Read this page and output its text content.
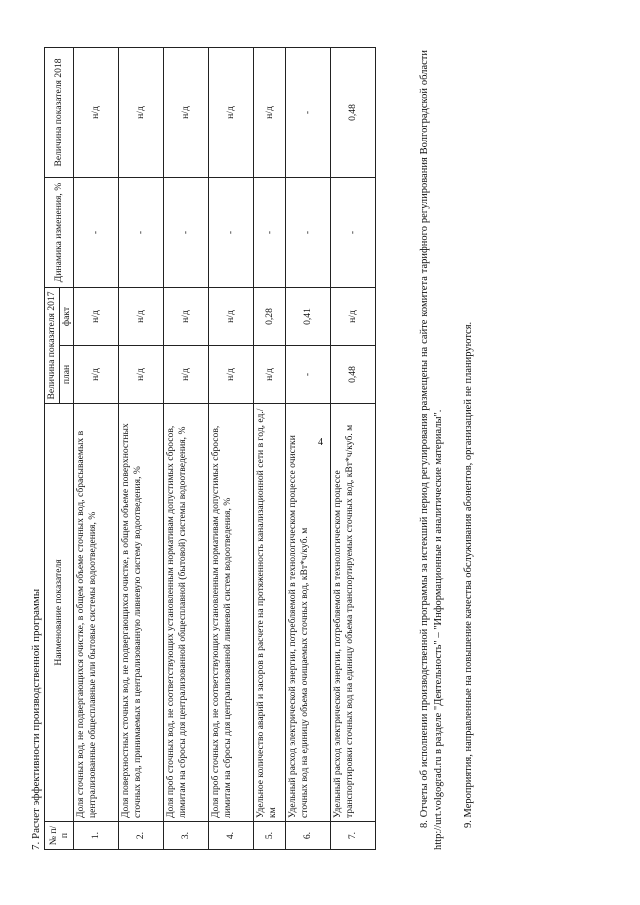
4
7. Расчет эффективности производственной программы № п/п	Наименование показателя	Величина показателя 2017		Динамика изменения, %	Величина показателя 2018
		план	факт		
1.	Доля сточных вод, не подвергающихся очистке, в общем объеме сточных вод, сбрасываемых в централизованные общесплавные или бытовые системы водоотведения, %	н/д	н/д	-	н/д
2.	Доля поверхностных сточных вод, не подвергающихся очистке, в общем объеме поверхностных сточных вод, принимаемых в централизованную ливневую систему водоотведения, %	н/д	н/д	-	н/д
3.	Доля проб сточных вод, не соответствующих установленным нормативам допустимых сбросов, лимитам на сбросы для централизованной общесплавной (бытовой) системы водоотведения, %	н/д	н/д	-	н/д
4.	Доля проб сточных вод, не соответствующих установленным нормативам допустимых сбросов, лимитам на сбросы для централизованной ливневой систем водоотведения, %	н/д	н/д	-	н/д
5.	Удельное количество аварий и засоров в расчете на протяженность канализационной сети в год, ед./км	н/д	0,28	-	н/д
6.	Удельный расход электрической энергии, потребляемой в технологическом процессе очистки сточных вод на единицу объема очищаемых сточных вод, кВт*ч/куб. м	-	0,41	-	-
7.	Удельный расход электрической энергии, потребляемой в технологическом процессе транспортировки сточных вод на единицу объема транспортируемых сточных вод, кВт*ч/куб. м	0,48	н/д	-	0,48	8. Отчеты об исполнении производственной программы за истекший период регулирования размещены на сайте комитета тарифного регулирования Волгоградской области http://urt.volgograd.ru в разделе "Деятельность" – "Информационные и аналитические материалы". 9. Мероприятия, направленные на повышение качества обслуживания абонентов, организацией не планируются.
